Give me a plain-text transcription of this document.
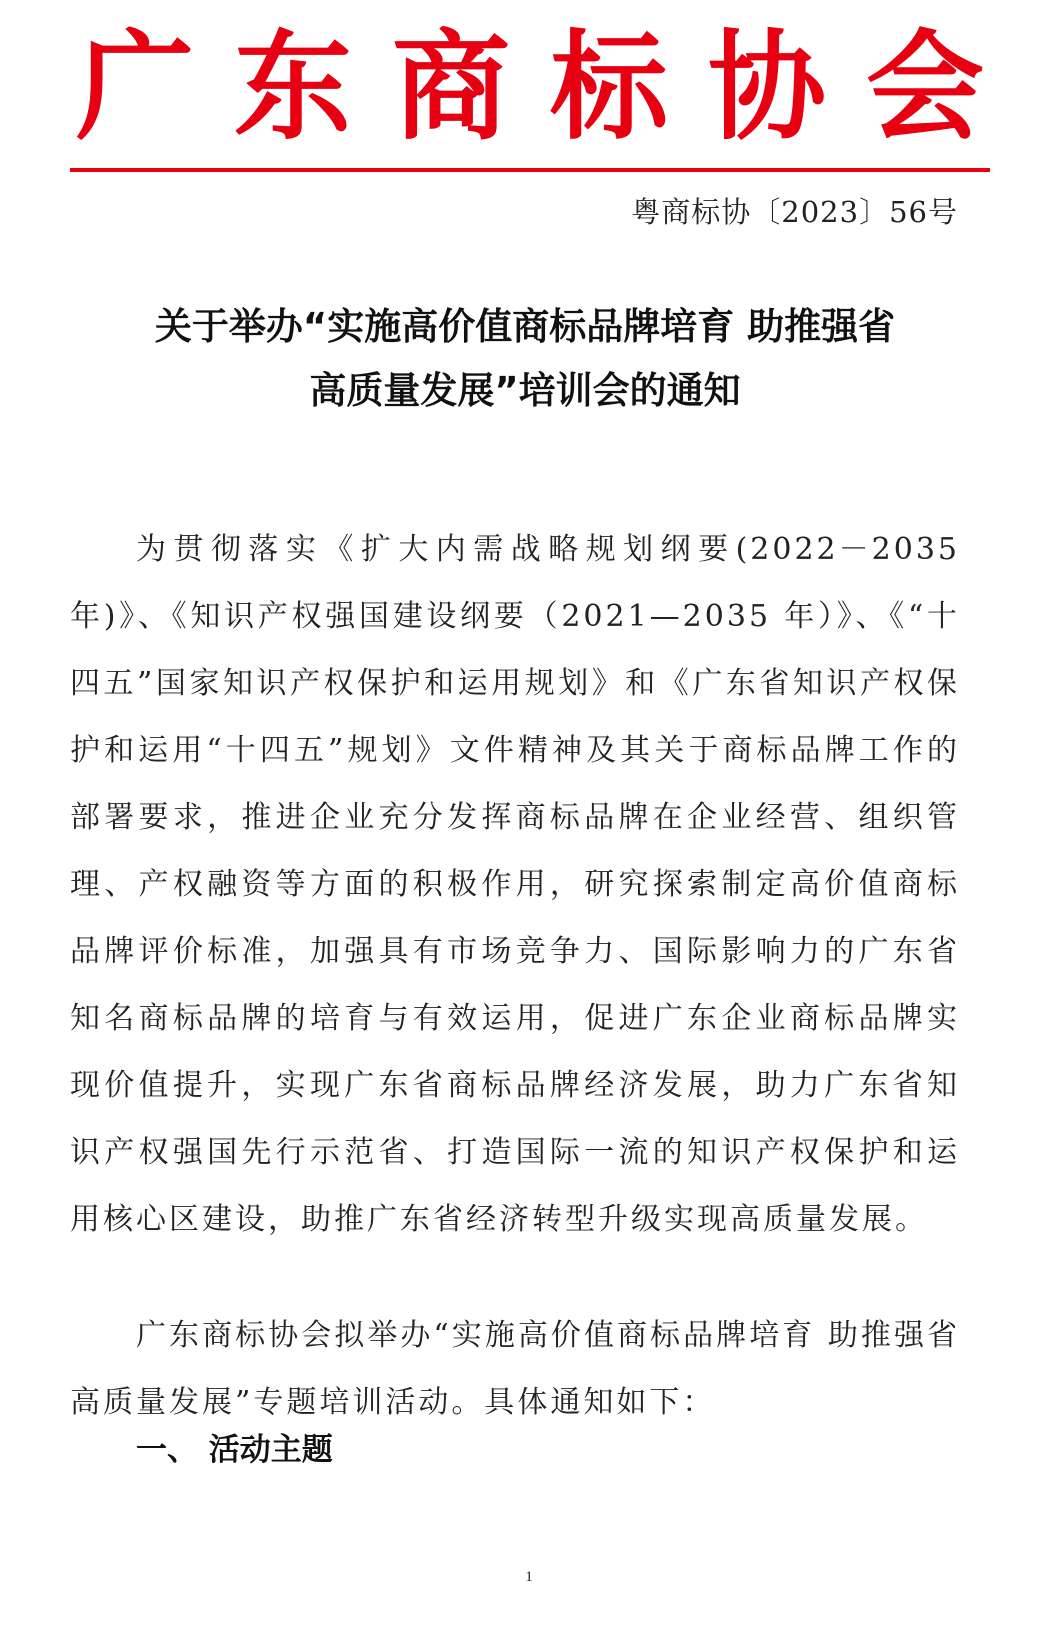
广 东 商 标 协 会
粤商标协〔2023〕56号
关于举办“实施高价值商标品牌培育 助推强省
高质量发展”培训会的通知

为贯彻落实《扩大内需战略规划纲要(2022－2035年)》、《知识产权强国建设纲要（2021—2035 年）》、《“十四五”国家知识产权保护和运用规划》和《广东省知识产权保护和运用“十四五”规划》文件精神及其关于商标品牌工作的部署要求，推进企业充分发挥商标品牌在企业经营、组织管理、产权融资等方面的积极作用，研究探索制定高价值商标品牌评价标准，加强具有市场竞争力、国际影响力的广东省知名商标品牌的培育与有效运用，促进广东企业商标品牌实现价值提升，实现广东省商标品牌经济发展，助力广东省知识产权强国先行示范省、打造国际一流的知识产权保护和运用核心区建设，助推广东省经济转型升级实现高质量发展。

广东商标协会拟举办“实施高价值商标品牌培育 助推强省高质量发展”专题培训活动。具体通知如下：

一、 活动主题
1
